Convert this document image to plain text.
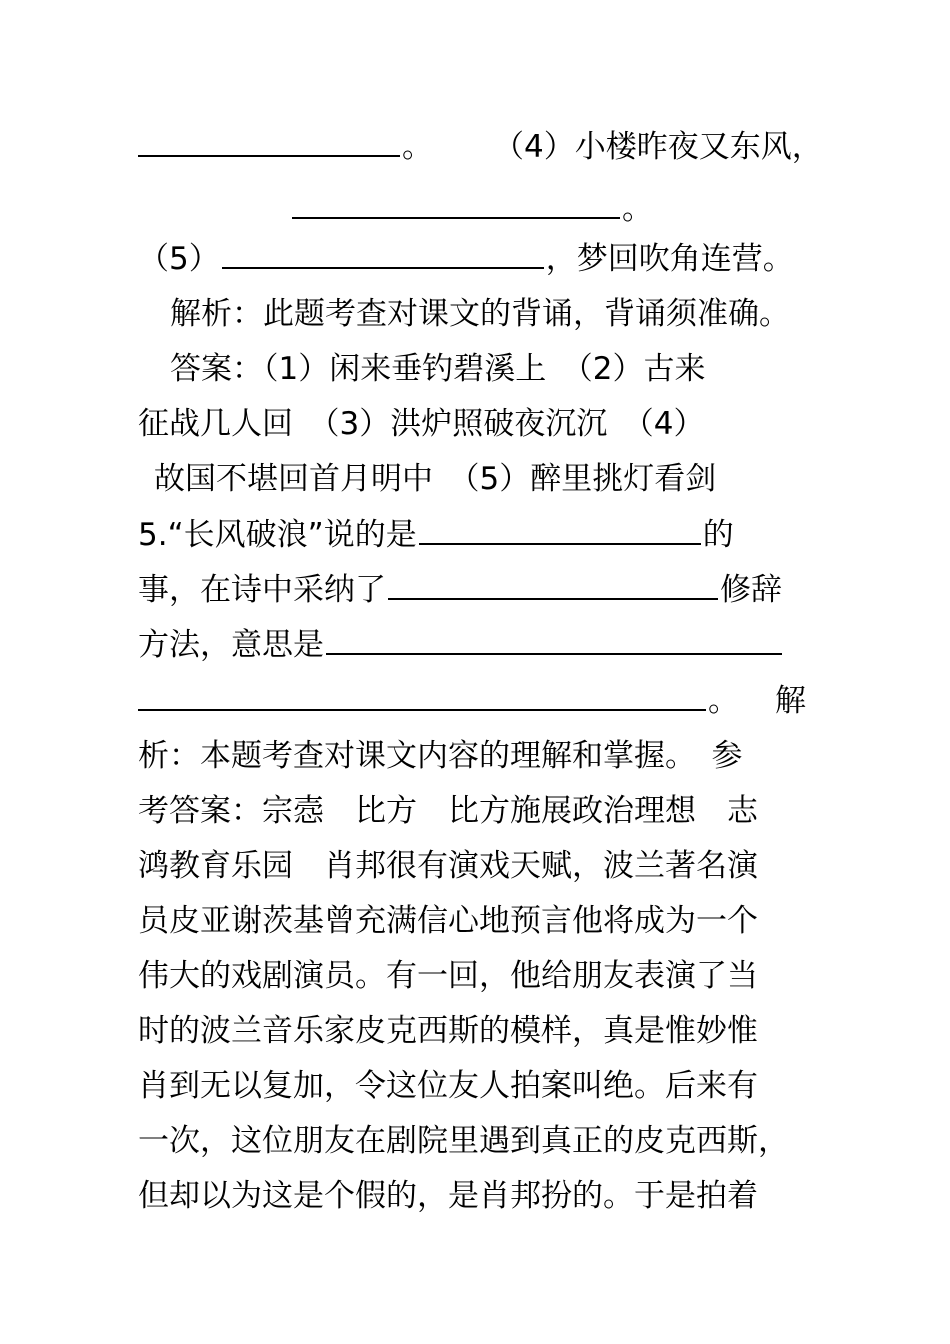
。 （4）小楼昨夜又东风，
。
（5）	，梦回吹角连营。
解析：此题考查对课文的背诵，背诵须准确。
答案：（1）闲来垂钓碧溪上　（2）古来
征战几人回　（3）洪炉照破夜沉沉　（4）
故国不堪回首月明中　（5）醉里挑灯看剑
5.“长风破浪”说的是	的
事，在诗中采纳了	修辞
方法，意思是
。 解
析：本题考查对课文内容的理解和掌握。　参
考答案：宗悫　比方　比方施展政治理想　志
鸿教育乐园　肖邦很有演戏天赋，波兰著名演
员皮亚谢茨基曾充满信心地预言他将成为一个
伟大的戏剧演员。有一回，他给朋友表演了当
时的波兰音乐家皮克西斯的模样，真是惟妙惟
肖到无以复加，令这位友人拍案叫绝。后来有
一次，这位朋友在剧院里遇到真正的皮克西斯，
但却以为这是个假的，是肖邦扮的。于是拍着
